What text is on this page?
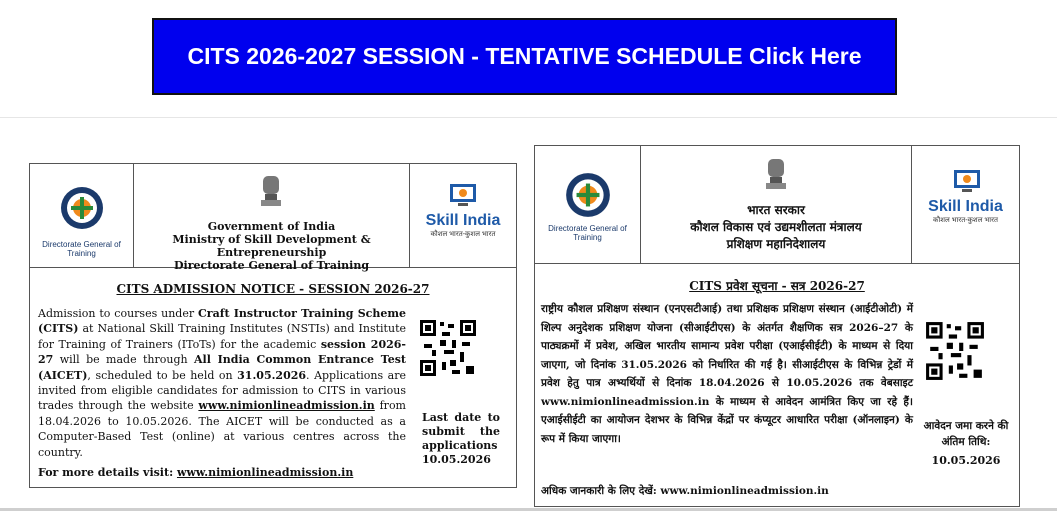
CITS 2026-2027 SESSION - TENTATIVE SCHEDULE Click Here
Directorate General of Training
Government of India
Ministry of Skill Development & Entrepreneurship
Directorate General of Training
Skill India
कौशल भारत-कुशल भारत
CITS ADMISSION NOTICE - SESSION 2026-27
Admission to courses under Craft Instructor Training Scheme (CITS) at National Skill Training Institutes (NSTIs) and Institute for Training of Trainers (IToTs) for the academic session 2026-27 will be made through All India Common Entrance Test (AICET), scheduled to be held on 31.05.2026. Applications are invited from eligible candidates for admission to CITS in various trades through the website www.nimionlineadmission.in from 18.04.2026 to 10.05.2026. The AICET will be conducted as a Computer-Based Test (online) at various centres across the country.
For more details visit: www.nimionlineadmission.in
Last date to submit the applications
10.05.2026
Directorate General of Training
भारत सरकार
कौशल विकास एवं उद्यमशीलता मंत्रालय
प्रशिक्षण महानिदेशालय
Skill India
कौशल भारत-कुशल भारत
CITS प्रवेश सूचना - सत्र 2026-27
राष्ट्रीय कौशल प्रशिक्षण संस्थान (एनएसटीआई) तथा प्रशिक्षक प्रशिक्षण संस्थान (आईटीओटी) में शिल्प अनुदेशक प्रशिक्षण योजना (सीआईटीएस) के अंतर्गत शैक्षणिक सत्र 2026–27 के पाठ्यक्रमों में प्रवेश, अखिल भारतीय सामान्य प्रवेश परीक्षा (एआईसीईटी) के माध्यम से दिया जाएगा, जो दिनांक 31.05.2026 को निर्धारित की गई है। सीआईटीएस के विभिन्न ट्रेडों में प्रवेश हेतु पात्र अभ्यर्थियों से दिनांक 18.04.2026 से 10.05.2026 तक वेबसाइट www.nimionlineadmission.in के माध्यम से आवेदन आमंत्रित किए जा रहे हैं। एआईसीईटी का आयोजन देशभर के विभिन्न केंद्रों पर कंप्यूटर आधारित परीक्षा (ऑनलाइन) के रूप में किया जाएगा।
अधिक जानकारी के लिए देखें: www.nimionlineadmission.in
आवेदन जमा करने की अंतिम तिथि:
10.05.2026
